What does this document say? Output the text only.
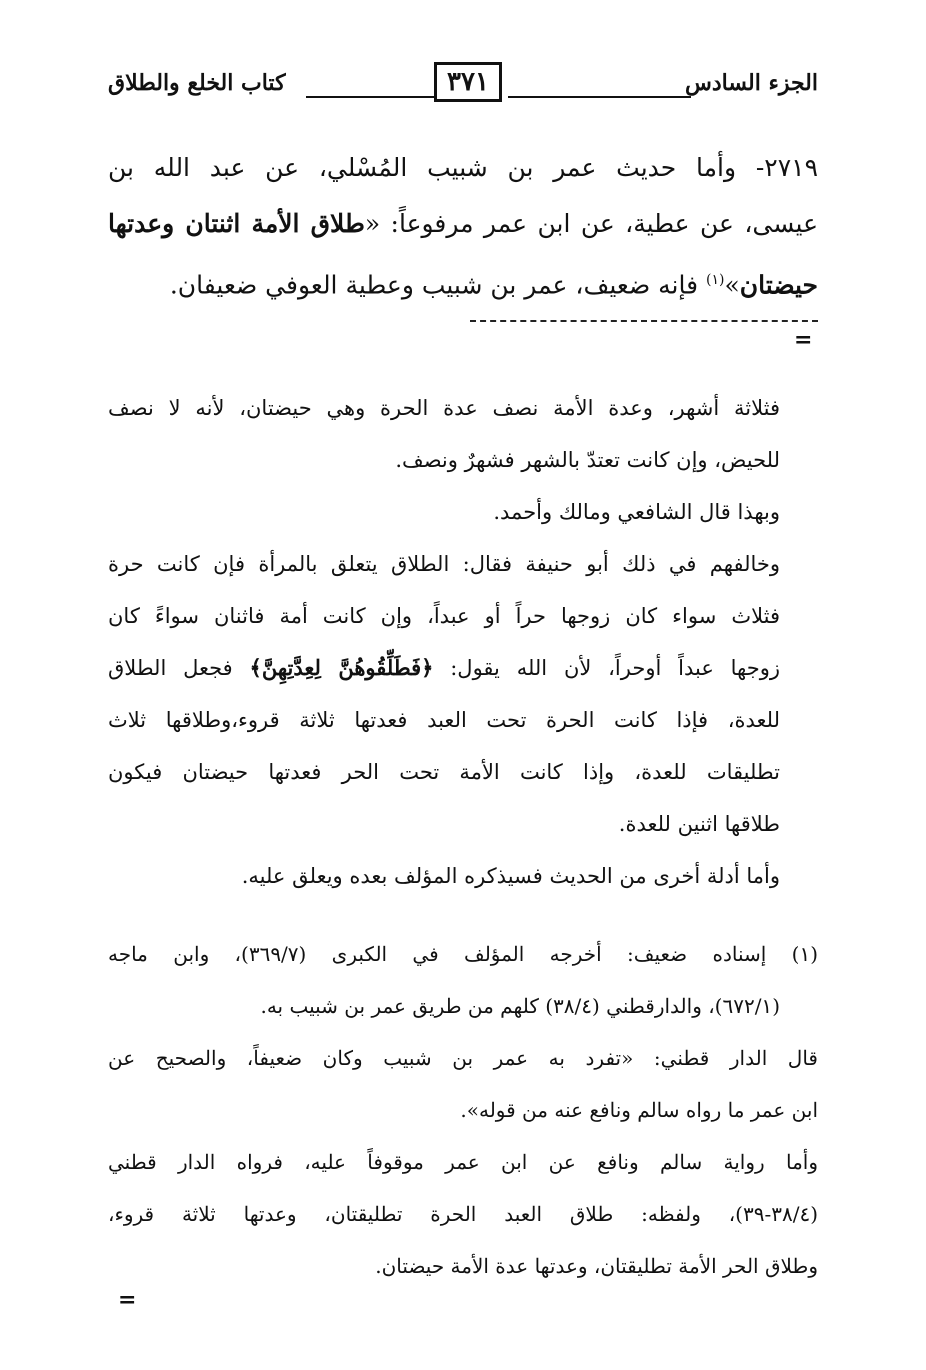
الجزء السادس
٣٧١
كتاب الخلع والطلاق
٢٧١٩- وأما حديث عمر بن شبيب المُسْلي، عن عبد الله بن
عيسى، عن عطية، عن ابن عمر مرفوعاً: «طلاق الأمة اثنتان وعدتها
حيضتان»$^{(١)}$ فإنه ضعيف، عمر بن شبيب وعطية العوفي ضعيفان.
=
فثلاثة أشهر، وعدة الأمة نصف عدة الحرة وهي حيضتان، لأنه لا نصف
للحيض، وإن كانت تعتدّ بالشهر فشهرٌ ونصف.
وبهذا قال الشافعي ومالك وأحمد.
وخالفهم في ذلك أبو حنيفة فقال: الطلاق يتعلق بالمرأة فإن كانت حرة
فثلاث سواء كان زوجها حراً أو عبداً، وإن كانت أمة فاثنان سواءً كان
زوجها عبداً أوحراً، لأن الله يقول: ﴿فَطَلِّقُوهُنَّ لِعِدَّتِهِنَّ﴾ فجعل الطلاق
للعدة، فإذا كانت الحرة تحت العبد فعدتها ثلاثة قروء،وطلاقها ثلاث
تطليقات للعدة، وإذا كانت الأمة تحت الحر فعدتها حيضتان فيكون
طلاقها اثنين للعدة.
وأما أدلة أخرى من الحديث فسيذكره المؤلف بعده ويعلق عليه.
(١) إسناده ضعيف: أخرجه المؤلف في الكبرى (٣٦٩/٧)، وابن ماجه
(٦٧٢/١)، والدارقطني (٣٨/٤) كلهم من طريق عمر بن شبيب به.
قال الدار قطني: «تفرد به عمر بن شبيب وكان ضعيفاً، والصحيح عن
ابن عمر ما رواه سالم ونافع عنه من قوله».
وأما رواية سالم ونافع عن ابن عمر موقوفاً عليه، فرواه الدار قطني
(٣٨/٤-٣٩)، ولفظه: طلاق العبد الحرة تطليقتان، وعدتها ثلاثة قروء،
وطلاق الحر الأمة تطليقتان، وعدتها عدة الأمة حيضتان.
=
